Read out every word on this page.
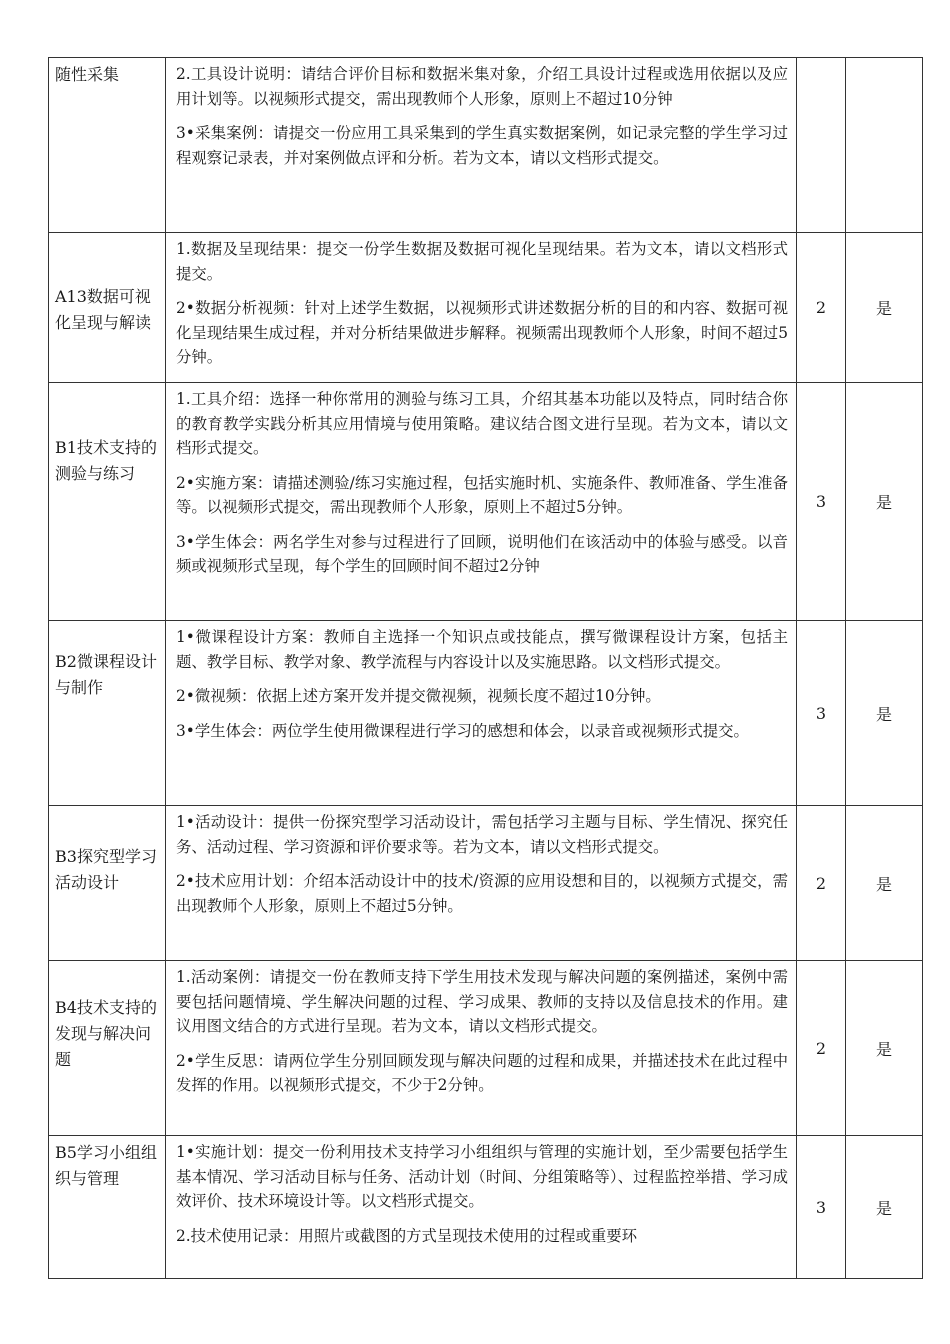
随性采集	2.工具设计说明：请结合评价目标和数据米集对象，介绍工具设计过程或选用依据以及应用计划等。以视频形式提交，需出现教师个人形象，原则上不超过10分钟

3•采集案例：请提交一份应用工具采集到的学生真实数据案例，如记录完整的学生学习过程观察记录表，并对案例做点评和分析。若为文本，请以文档形式提交。		

A13数据可视化呈现与解读	1.数据及呈现结果：提交一份学生数据及数据可视化呈现结果。若为文本，请以文档形式提交。

2•数据分析视频：针对上述学生数据，以视频形式讲述数据分析的目的和内容、数据可视化呈现结果生成过程，并对分析结果做进步解释。视频需出现教师个人形象，时间不超过5分钟。	2	是
B1技术支持的测验与练习	1.工具介绍：选择一种你常用的测验与练习工具，介绍其基本功能以及特点，同时结合你的教育教学实践分析其应用情境与使用策略。建议结合图文进行呈现。若为文本，请以文档形式提交。

2•实施方案：请描述测验/练习实施过程，包括实施时机、实施条件、教师准备、学生准备等。以视频形式提交，需出现教师个人形象，原则上不超过5分钟。

3•学生体会：两名学生对参与过程进行了回顾，说明他们在该活动中的体验与感受。以音频或视频形式呈现，每个学生的回顾时间不超过2分钟	3	是
B2微课程设计与制作	1•微课程设计方案：教师自主选择一个知识点或技能点，撰写微课程设计方案，包括主题、教学目标、教学对象、教学流程与内容设计以及实施思路。以文档形式提交。

2•微视频：依据上述方案开发并提交微视频，视频长度不超过10分钟。

3•学生体会：两位学生使用微课程进行学习的感想和体会，以录音或视频形式提交。	3	是
B3探究型学习活动设计	1•活动设计：提供一份探究型学习活动设计，需包括学习主题与目标、学生情况、探究任务、活动过程、学习资源和评价要求等。若为文本，请以文档形式提交。

2•技术应用计划：介绍本活动设计中的技术/资源的应用设想和目的，以视频方式提交，需出现教师个人形象，原则上不超过5分钟。	2	是
B4技术支持的发现与解决问题	1.活动案例：请提交一份在教师支持下学生用技术发现与解决问题的案例描述，案例中需要包括问题情境、学生解决问题的过程、学习成果、教师的支持以及信息技术的作用。建议用图文结合的方式进行呈现。若为文本，请以文档形式提交。

2•学生反思：请两位学生分别回顾发现与解决问题的过程和成果，并描述技术在此过程中发挥的作用。以视频形式提交，不少于2分钟。	2	是
B5学习小组组织与管理	1•实施计划：提交一份利用技术支持学习小组组织与管理的实施计划，至少需要包括学生基本情况、学习活动目标与任务、活动计划（时间、分组策略等）、过程监控举措、学习成效评价、技术环境设计等。以文档形式提交。

2.技术使用记录：用照片或截图的方式呈现技术使用的过程或重要环	3	是
